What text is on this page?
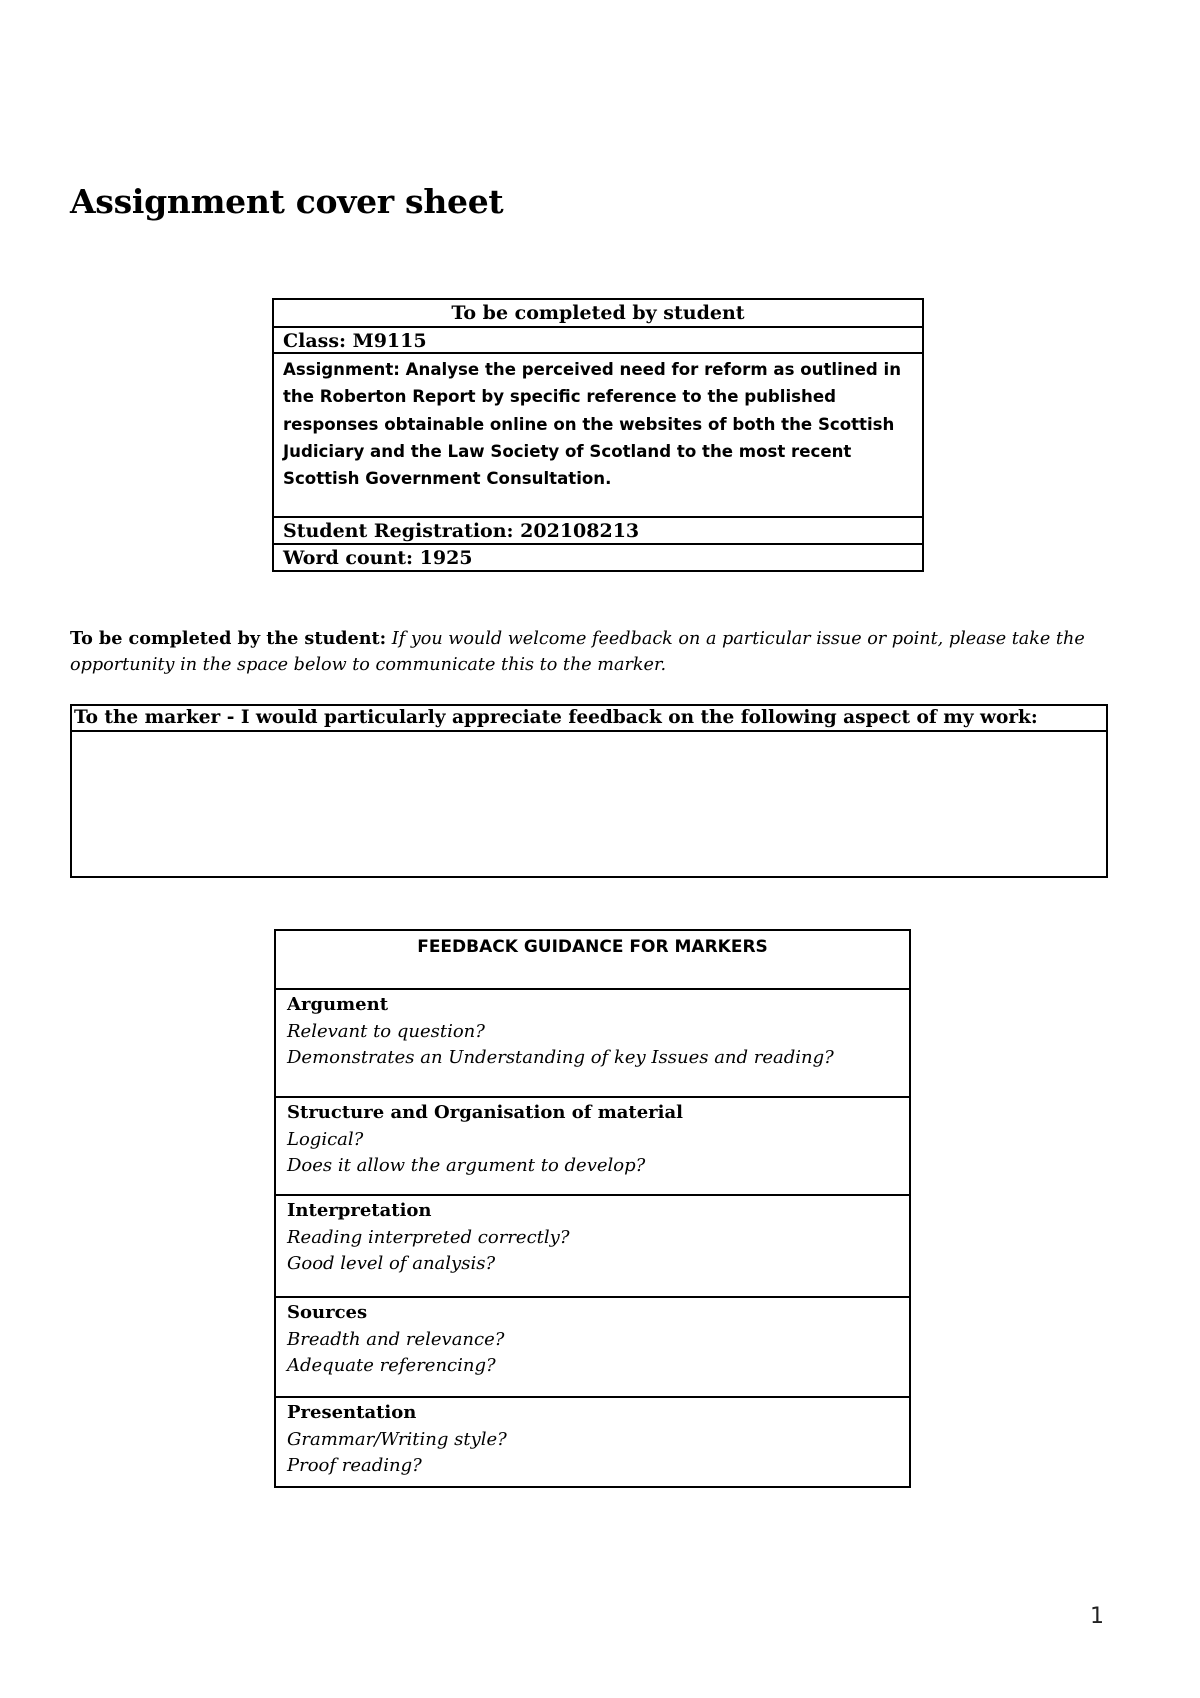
Assignment cover sheet
To be completed by student
Class: M9115
Assignment: Analyse the perceived need for reform as outlined in the Roberton Report by specific reference to the published responses obtainable online on the websites of both the Scottish Judiciary and the Law Society of Scotland to the most recent Scottish Government Consultation.
Student Registration: 202108213
Word count: 1925
To be completed by the student: If you would welcome feedback on a particular issue or point, please take the opportunity in the space below to communicate this to the marker.
To the marker - I would particularly appreciate feedback on the following aspect of my work:
FEEDBACK GUIDANCE FOR MARKERS
Argument
Relevant to question?
Demonstrates an Understanding of key Issues and reading?
Structure and Organisation of material
Logical?
Does it allow the argument to develop?
Interpretation
Reading interpreted correctly?
Good level of analysis?
Sources
Breadth and relevance?
Adequate referencing?
Presentation
Grammar/Writing style?
Proof reading?
1
